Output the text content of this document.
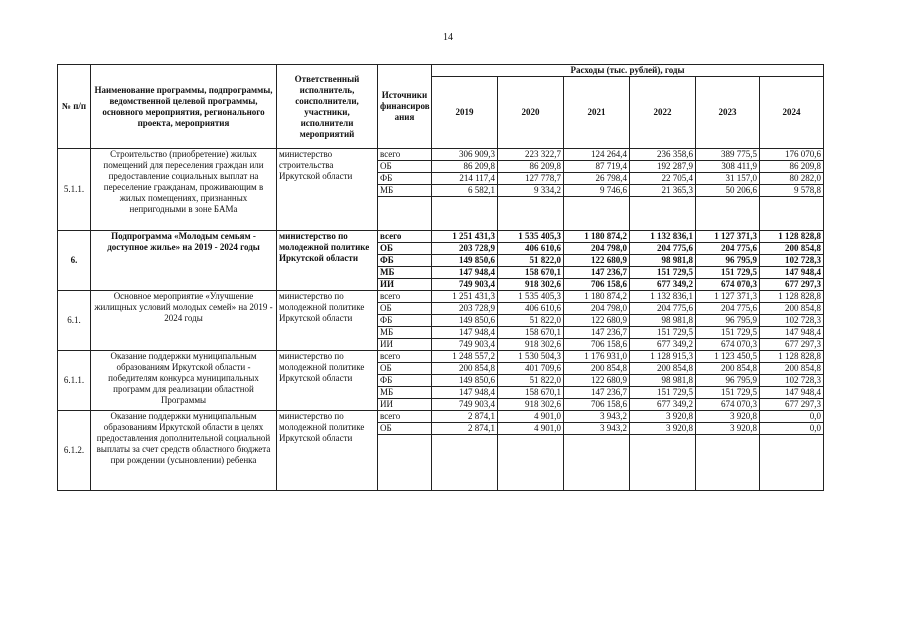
14
№ п/п	Наименование программы, подпрограммы, ведомственной целевой программы, основного мероприятия, регионального проекта, мероприятия	Ответственный исполнитель, соисполнители, участники, исполнители мероприятий	Источники финансиров ания	Расходы (тыс. рублей), годы					
				2019	2020	2021	2022	2023	2024
5.1.1.	Строительство (приобретение) жилых помещений для переселения граждан или предоставление социальных выплат на переселение гражданам, проживающим в жилых помещениях, признанных непригодными в зоне БАМа	министерство строительства Иркутской области	всего	306 909,3	223 322,7	124 264,4	236 358,6	389 775,5	176 070,6
			ОБ	86 209,8	86 209,8	87 719,4	192 287,9	308 411,9	86 209,8
			ФБ	214 117,4	127 778,7	26 798,4	22 705,4	31 157,0	80 282,0
			МБ	6 582,1	9 334,2	9 746,6	21 365,3	50 206,6	9 578,8

6.	Подпрограмма «Молодым семьям - доступное жилье» на 2019 - 2024 годы	министерство по молодежной политике Иркутской области	всего	1 251 431,3	1 535 405,3	1 180 874,2	1 132 836,1	1 127 371,3	1 128 828,8
			ОБ	203 728,9	406 610,6	204 798,0	204 775,6	204 775,6	200 854,8
			ФБ	149 850,6	51 822,0	122 680,9	98 981,8	96 795,9	102 728,3
			МБ	147 948,4	158 670,1	147 236,7	151 729,5	151 729,5	147 948,4
			ИИ	749 903,4	918 302,6	706 158,6	677 349,2	674 070,3	677 297,3
6.1.	Основное мероприятие «Улучшение жилищных условий молодых семей» на 2019 - 2024 годы	министерство по молодежной политике Иркутской области	всего	1 251 431,3	1 535 405,3	1 180 874,2	1 132 836,1	1 127 371,3	1 128 828,8
			ОБ	203 728,9	406 610,6	204 798,0	204 775,6	204 775,6	200 854,8
			ФБ	149 850,6	51 822,0	122 680,9	98 981,8	96 795,9	102 728,3
			МБ	147 948,4	158 670,1	147 236,7	151 729,5	151 729,5	147 948,4
			ИИ	749 903,4	918 302,6	706 158,6	677 349,2	674 070,3	677 297,3
6.1.1.	Оказание поддержки муниципальным образованиям Иркутской области - победителям конкурса муниципальных программ для реализации областной Программы	министерство по молодежной политике Иркутской области	всего	1 248 557,2	1 530 504,3	1 176 931,0	1 128 915,3	1 123 450,5	1 128 828,8
			ОБ	200 854,8	401 709,6	200 854,8	200 854,8	200 854,8	200 854,8
			ФБ	149 850,6	51 822,0	122 680,9	98 981,8	96 795,9	102 728,3
			МБ	147 948,4	158 670,1	147 236,7	151 729,5	151 729,5	147 948,4
			ИИ	749 903,4	918 302,6	706 158,6	677 349,2	674 070,3	677 297,3
6.1.2.	Оказание поддержки муниципальным образованиям Иркутской области в целях предоставления дополнительной социальной выплаты за счет средств областного бюджета при рождении (усыновлении) ребенка	министерство по молодежной политике Иркутской области	всего	2 874,1	4 901,0	3 943,2	3 920,8	3 920,8	0,0
			ОБ	2 874,1	4 901,0	3 943,2	3 920,8	3 920,8	0,0
